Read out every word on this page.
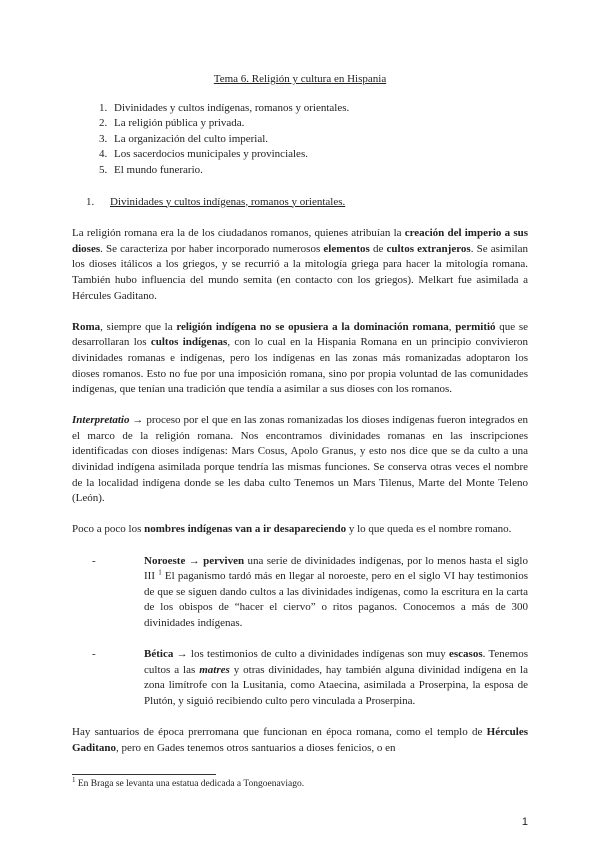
Tema 6. Religión y cultura en Hispania
1. Divinidades y cultos indígenas, romanos y orientales.
2. La religión pública y privada.
3. La organización del culto imperial.
4. Los sacerdocios municipales y provinciales.
5. El mundo funerario.
1. Divinidades y cultos indígenas, romanos y orientales.

La religión romana era la de los ciudadanos romanos, quienes atribuían la creación del imperio a sus dioses. Se caracteriza por haber incorporado numerosos elementos de cultos extranjeros. Se asimilan los dioses itálicos a los griegos, y se recurrió a la mitología griega para hacer la mitología romana. También hubo influencia del mundo semita (en contacto con los griegos). Melkart fue asimilada a Hércules Gaditano.

Roma, siempre que la religión indígena no se opusiera a la dominación romana, permitió que se desarrollaran los cultos indígenas, con lo cual en la Hispania Romana en un principio convivieron divinidades romanas e indígenas, pero los indígenas en las zonas más romanizadas adoptaron los dioses romanos. Esto no fue por una imposición romana, sino por propia voluntad de las comunidades indígenas, que tenían una tradición que tendía a asimilar a sus dioses con los romanos.

Interpretatio → proceso por el que en las zonas romanizadas los dioses indígenas fueron integrados en el marco de la religión romana. Nos encontramos divinidades romanas en las inscripciones identificadas con dioses indígenas: Mars Cosus, Apolo Granus, y esto nos dice que se da culto a una divinidad indígena asimilada porque tendría las mismas funciones. Se conserva otras veces el nombre de la localidad indígena donde se les daba culto Tenemos un Mars Tilenus, Marte del Monte Teleno (León).

Poco a poco los nombres indígenas van a ir desapareciendo y lo que queda es el nombre romano.

-	Noroeste → perviven una serie de divinidades indígenas, por lo menos hasta el siglo III $^1$ El paganismo tardó más en llegar al noroeste, pero en el siglo VI hay testimonios de que se siguen dando cultos a las divinidades indígenas, como la escritura en la carta de los obispos de “hacer el ciervo” o ritos paganos. Conocemos a más de 300 divinidades indígenas.
-	Bética → los testimonios de culto a divinidades indígenas son muy escasos. Tenemos cultos a las matres y otras divinidades, hay también alguna divinidad indígena en la zona limítrofe con la Lusitania, como Ataecina, asimilada a Proserpina, la esposa de Plutón, y siguió recibiendo culto pero vinculada a Proserpina.

Hay santuarios de época prerromana que funcionan en época romana, como el templo de Hércules Gaditano, pero en Gades tenemos otros santuarios a dioses fenicios, o en

$^1$ En Braga se levanta una estatua dedicada a Tongoenaviago.
1
